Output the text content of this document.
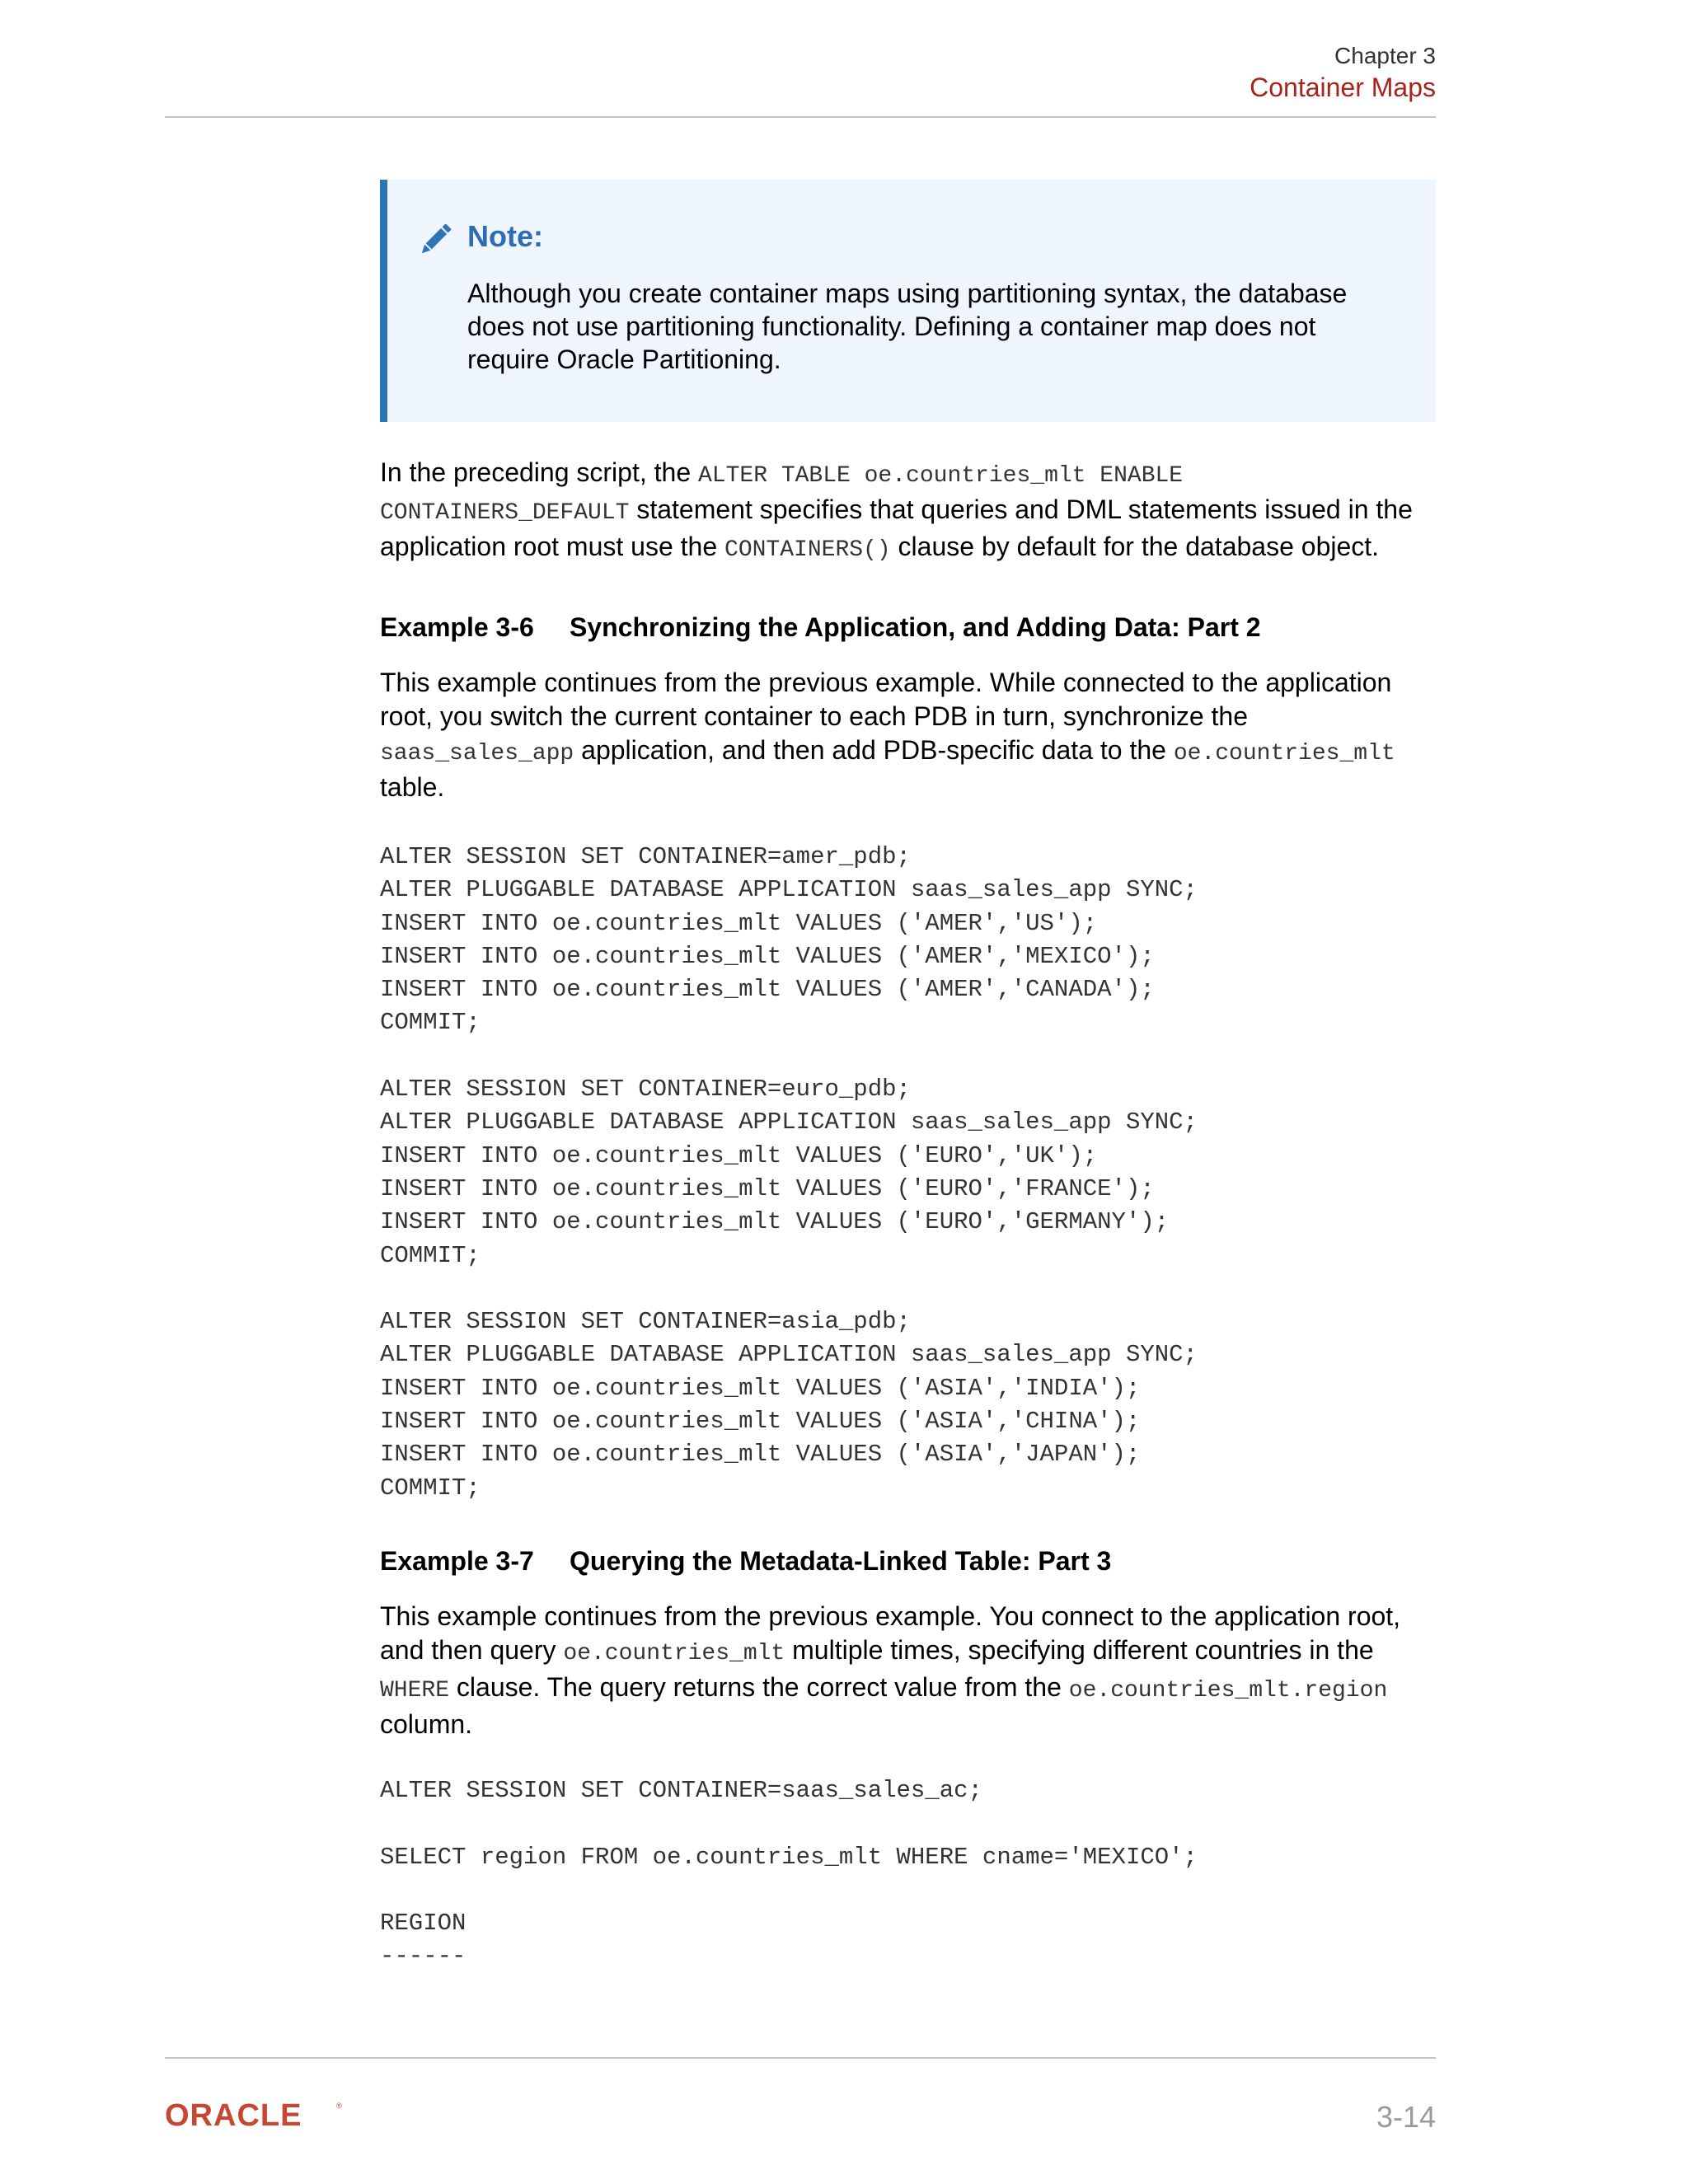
Chapter 3
Container Maps
Note:
Although you create container maps using partitioning syntax, the database does not use partitioning functionality. Defining a container map does not require Oracle Partitioning.
In the preceding script, the ALTER TABLE oe.countries_mlt ENABLE CONTAINERS_DEFAULT statement specifies that queries and DML statements issued in the application root must use the CONTAINERS() clause by default for the database object.
Example 3-6 Synchronizing the Application, and Adding Data: Part 2
This example continues from the previous example. While connected to the application root, you switch the current container to each PDB in turn, synchronize the saas_sales_app application, and then add PDB-specific data to the oe.countries_mlt table.
ALTER SESSION SET CONTAINER=amer_pdb;
ALTER PLUGGABLE DATABASE APPLICATION saas_sales_app SYNC;
INSERT INTO oe.countries_mlt VALUES ('AMER','US');
INSERT INTO oe.countries_mlt VALUES ('AMER','MEXICO');
INSERT INTO oe.countries_mlt VALUES ('AMER','CANADA');
COMMIT;

ALTER SESSION SET CONTAINER=euro_pdb;
ALTER PLUGGABLE DATABASE APPLICATION saas_sales_app SYNC;
INSERT INTO oe.countries_mlt VALUES ('EURO','UK');
INSERT INTO oe.countries_mlt VALUES ('EURO','FRANCE');
INSERT INTO oe.countries_mlt VALUES ('EURO','GERMANY');
COMMIT;

ALTER SESSION SET CONTAINER=asia_pdb;
ALTER PLUGGABLE DATABASE APPLICATION saas_sales_app SYNC;
INSERT INTO oe.countries_mlt VALUES ('ASIA','INDIA');
INSERT INTO oe.countries_mlt VALUES ('ASIA','CHINA');
INSERT INTO oe.countries_mlt VALUES ('ASIA','JAPAN');
COMMIT;
Example 3-7 Querying the Metadata-Linked Table: Part 3
This example continues from the previous example. You connect to the application root, and then query oe.countries_mlt multiple times, specifying different countries in the WHERE clause. The query returns the correct value from the oe.countries_mlt.region column.
ALTER SESSION SET CONTAINER=saas_sales_ac;

SELECT region FROM oe.countries_mlt WHERE cname='MEXICO';

REGION
------
ORACLE	®	3-14
